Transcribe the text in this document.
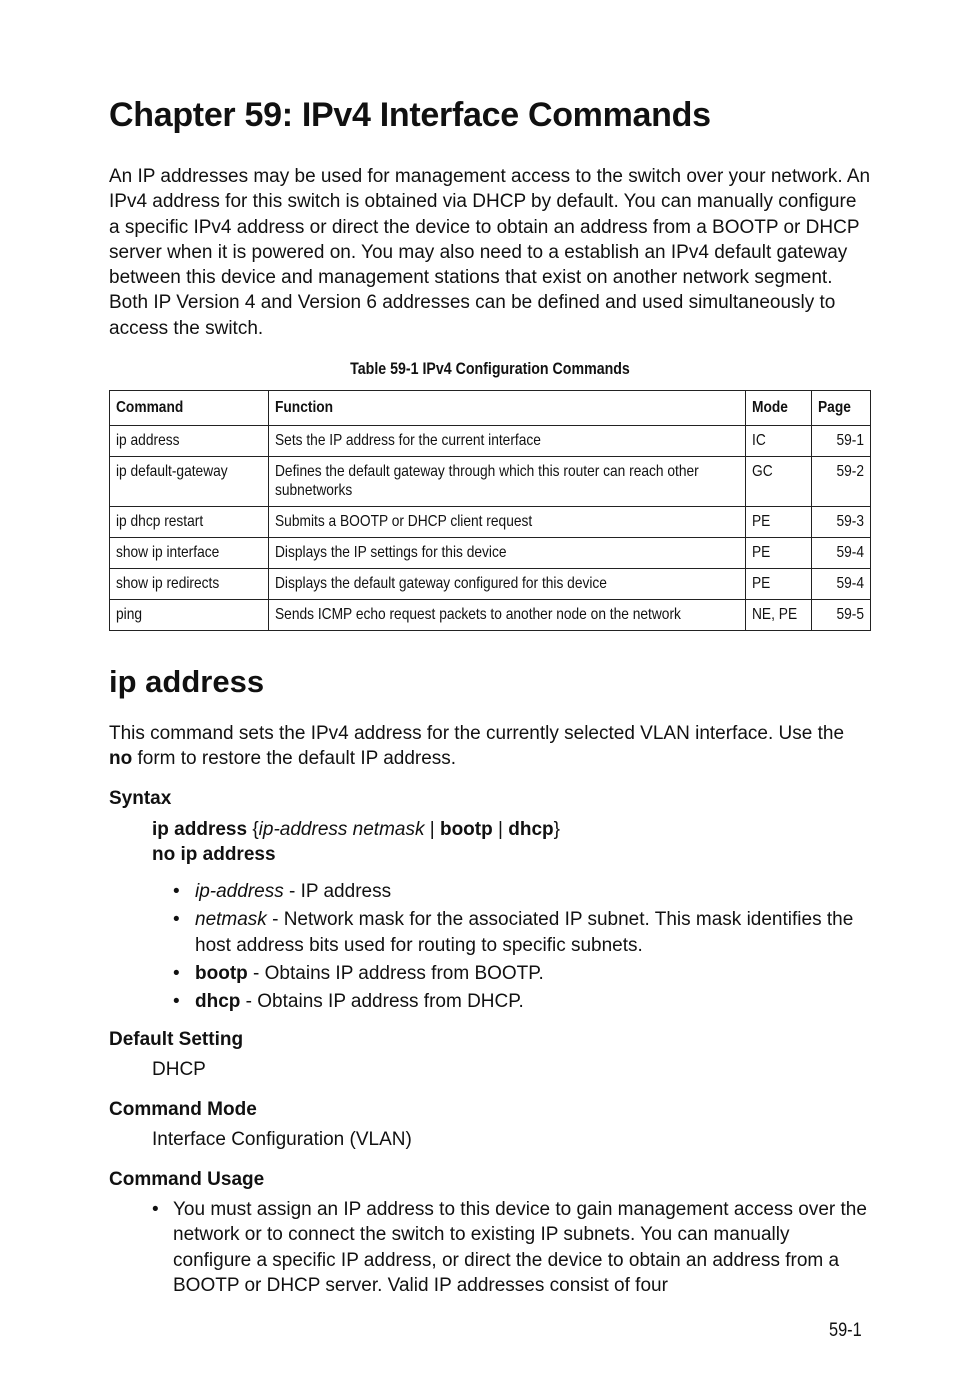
Chapter 59: IPv4 Interface Commands

An IP addresses may be used for management access to the switch over your network. An IPv4 address for this switch is obtained via DHCP by default. You can manually configure a specific IPv4 address or direct the device to obtain an address from a BOOTP or DHCP server when it is powered on. You may also need to a establish an IPv4 default gateway between this device and management stations that exist on another network segment. Both IP Version 4 and Version 6 addresses can be defined and used simultaneously to access the switch.

Table 59-1 IPv4 Configuration Commands
Command	Function	Mode	Page
ip address	Sets the IP address for the current interface	IC	59-1
ip default-gateway	Defines the default gateway through which this router can reach other subnetworks	GC	59-2
ip dhcp restart	Submits a BOOTP or DHCP client request	PE	59-3
show ip interface	Displays the IP settings for this device	PE	59-4
show ip redirects	Displays the default gateway configured for this device	PE	59-4
ping	Sends ICMP echo request packets to another node on the network	NE, PE	59-5
ip address

This command sets the IPv4 address for the currently selected VLAN interface. Use the no form to restore the default IP address.

Syntax

ip address {ip-address netmask | bootp | dhcp}

no ip address

• ip-address - IP address
• netmask - Network mask for the associated IP subnet. This mask identifies the host address bits used for routing to specific subnets.
• bootp - Obtains IP address from BOOTP.
• dhcp - Obtains IP address from DHCP.
Default Setting

DHCP

Command Mode

Interface Configuration (VLAN)

Command Usage
• You must assign an IP address to this device to gain management access over the network or to connect the switch to existing IP subnets. You can manually configure a specific IP address, or direct the device to obtain an address from a BOOTP or DHCP server. Valid IP addresses consist of four
59-1
